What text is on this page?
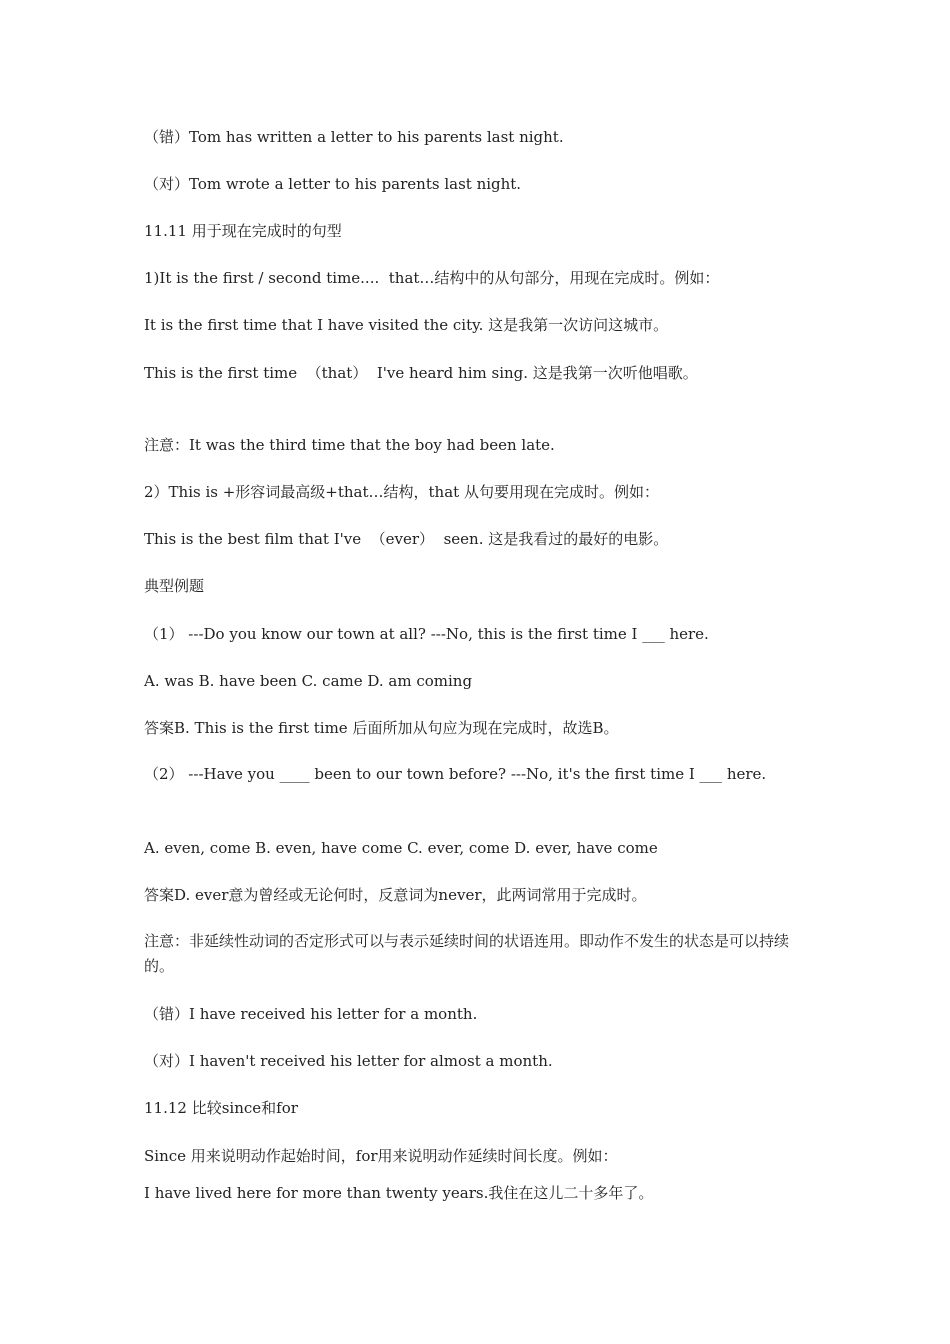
（错）Tom has written a letter to his parents last night.

（对）Tom wrote a letter to his parents last night.

11.11 用于现在完成时的句型

1)It is the first / second time....  that…结构中的从句部分，用现在完成时。例如：

It is the first time that I have visited the city. 这是我第一次访问这城市。

This is the first time  （that）  I've heard him sing. 这是我第一次听他唱歌。

注意：It was the third time that the boy had been late.

2）This is +形容词最高级+that…结构，that 从句要用现在完成时。例如：

This is the best film that I've  （ever）  seen. 这是我看过的最好的电影。

典型例题

（1） ---Do you know our town at all? ---No, this is the first time I ___ here.

A. was B. have been C. came D. am coming

答案B. This is the first time 后面所加从句应为现在完成时，故选B。

（2） ---Have you ____ been to our town before? ---No, it's the first time I ___ here.

A. even, come B. even, have come C. ever, come D. ever, have come

答案D. ever意为曾经或无论何时，反意词为never，此两词常用于完成时。

注意：非延续性动词的否定形式可以与表示延续时间的状语连用。即动作不发生的状态是可以持续的。

（错）I have received his letter for a month.

（对）I haven't received his letter for almost a month.

11.12 比较since和for

Since 用来说明动作起始时间，for用来说明动作延续时间长度。例如：

I have lived here for more than twenty years.我住在这儿二十多年了。
